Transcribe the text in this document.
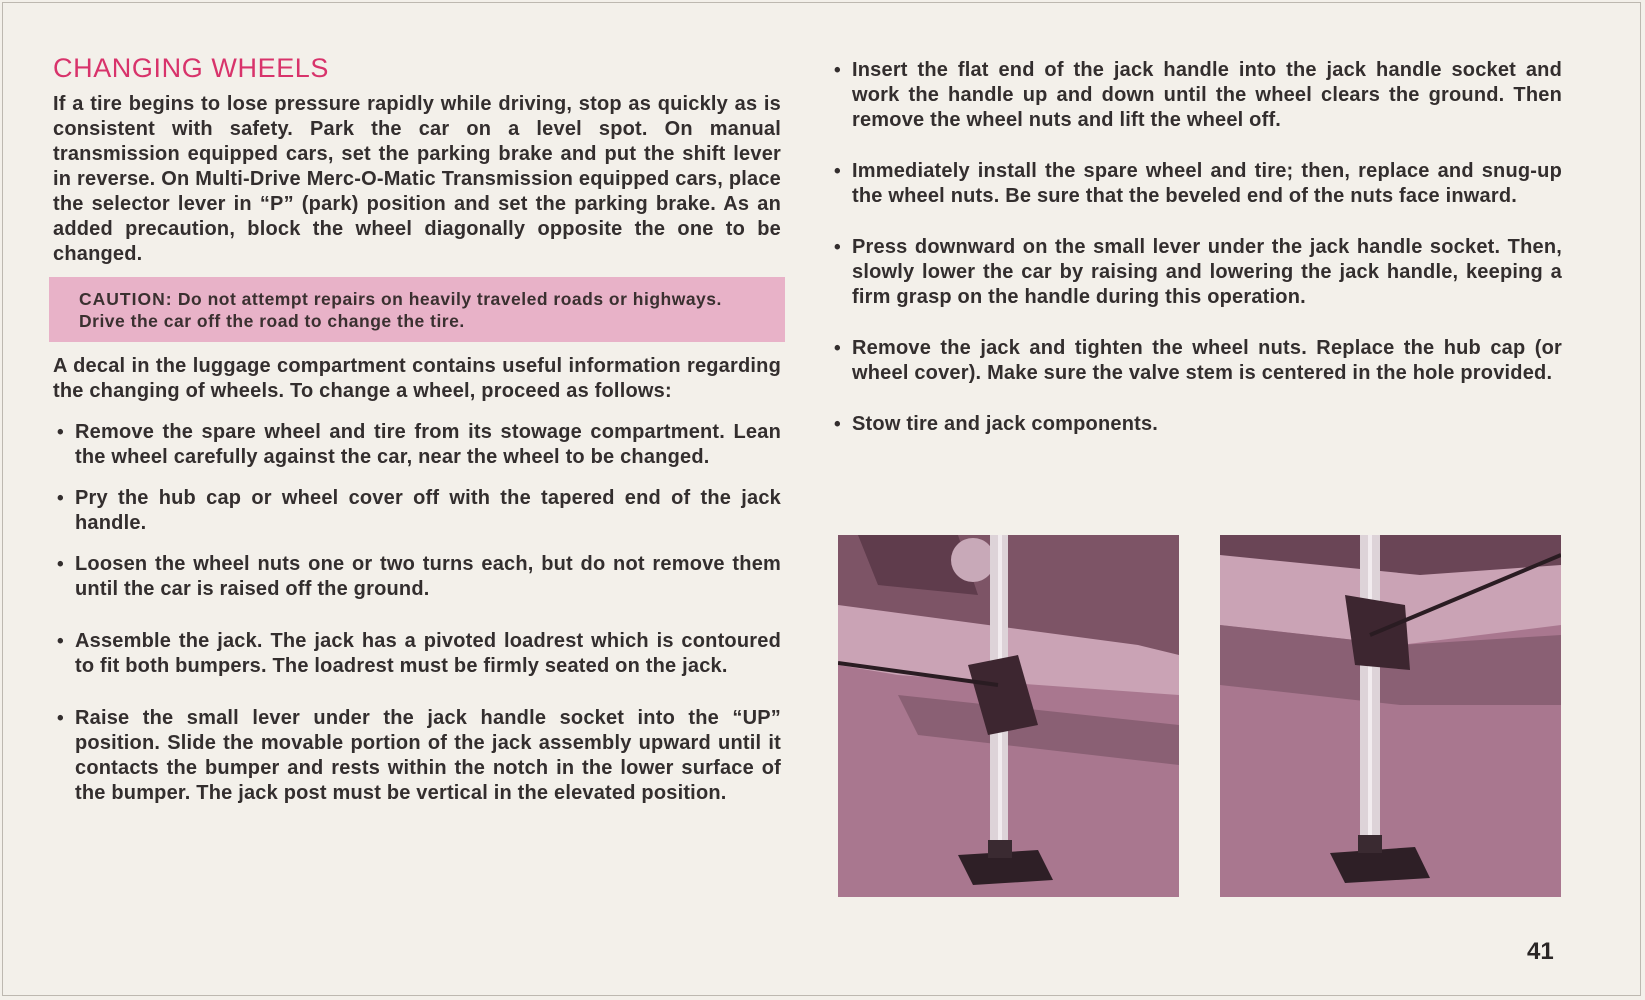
CHANGING WHEELS

If a tire begins to lose pressure rapidly while driving, stop as quickly as is consistent with safety. Park the car on a level spot. On manual transmission equipped cars, set the parking brake and put the shift lever in reverse. On Multi-Drive Merc-O-Matic Transmission equipped cars, place the selector lever in “P” (park) position and set the parking brake. As an added precaution, block the wheel diagonally opposite the one to be changed.

CAUTION: Do not attempt repairs on heavily traveled roads or highways. Drive the car off the road to change the tire.

A decal in the luggage compartment contains useful information regarding the changing of wheels. To change a wheel, proceed as follows:

• Remove the spare wheel and tire from its stowage compartment. Lean the wheel carefully against the car, near the wheel to be changed.
• Pry the hub cap or wheel cover off with the tapered end of the jack handle.
• Loosen the wheel nuts one or two turns each, but do not remove them until the car is raised off the ground.
• Assemble the jack. The jack has a pivoted loadrest which is contoured to fit both bumpers. The loadrest must be firmly seated on the jack.
• Raise the small lever under the jack handle socket into the “UP” position. Slide the movable portion of the jack assembly upward until it contacts the bumper and rests within the notch in the lower surface of the bumper. The jack post must be vertical in the elevated position.
• Insert the flat end of the jack handle into the jack handle socket and work the handle up and down until the wheel clears the ground. Then remove the wheel nuts and lift the wheel off.
• Immediately install the spare wheel and tire; then, replace and snug-up the wheel nuts. Be sure that the beveled end of the nuts face inward.
• Press downward on the small lever under the jack handle socket. Then, slowly lower the car by raising and lowering the jack handle, keeping a firm grasp on the handle during this operation.
• Remove the jack and tighten the wheel nuts. Replace the hub cap (or wheel cover). Make sure the valve stem is centered in the hole provided.
• Stow tire and jack components.
41
